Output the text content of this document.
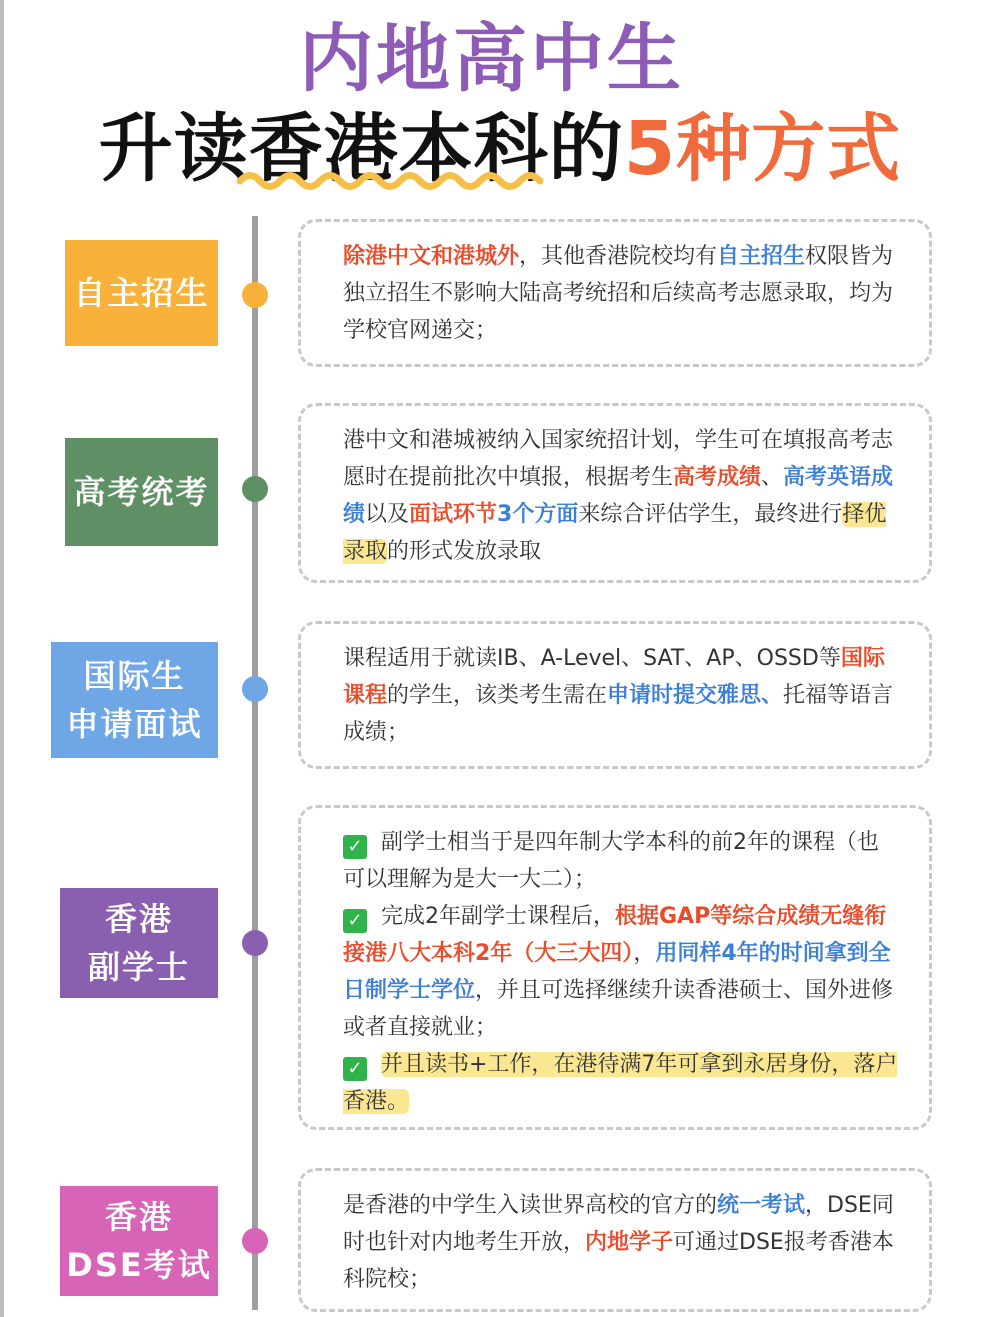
内地高中生
升读香港本科的5种方式
自主招生
除港中文和港城外，其他香港院校均有自主招生权限皆为独立招生不影响大陆高考统招和后续高考志愿录取，均为学校官网递交；
高考统考
港中文和港城被纳入国家统招计划，学生可在填报高考志愿时在提前批次中填报，根据考生高考成绩、高考英语成绩以及面试环节3个方面来综合评估学生，最终进行择优录取的形式发放录取
国际生
申请面试
课程适用于就读IB、A-Level、SAT、AP、OSSD等国际课程的学生，该类考生需在申请时提交雅思、托福等语言成绩；
香港
副学士
✓ 副学士相当于是四年制大学本科的前2年的课程（也可以理解为是大一大二）；
✓ 完成2年副学士课程后，根据GAP等综合成绩无缝衔接港八大本科2年（大三大四），用同样4年的时间拿到全日制学士学位，并且可选择继续升读香港硕士、国外进修或者直接就业；
✓ 并且读书+工作，在港待满7年可拿到永居身份，落户香港。
香港
DSE考试
是香港的中学生入读世界高校的官方的统一考试，DSE同时也针对内地考生开放，内地学子可通过DSE报考香港本科院校；
